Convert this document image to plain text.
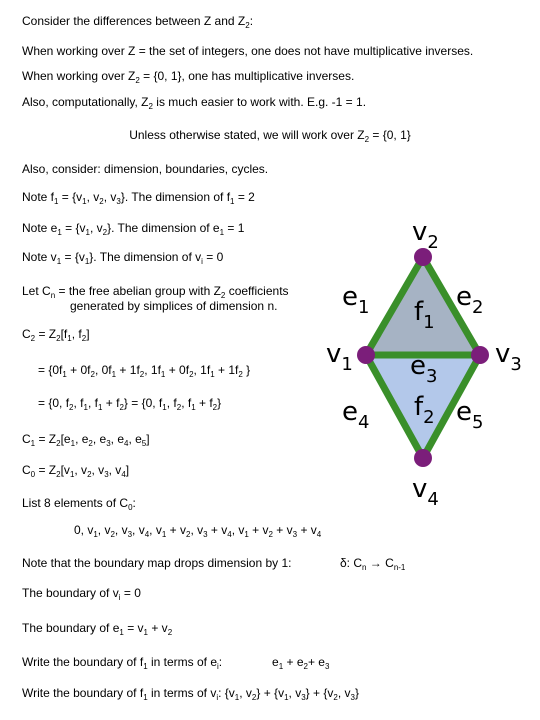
Consider the differences between Z and $Z_2$:
When working over Z = the set of integers, one does not have multiplicative inverses.
When working over $Z_2 = \{0$, 1}, one has multiplicative inverses.
Also, computationally, $Z_2$ is much easier to work with. E.g. -1 = 1.
Unless otherwise stated, we will work over $Z_2 = \{0$, 1}
Also, consider: dimension, boundaries, cycles.
Note $f_1 = \{v_1$, $v_2$, $v_3$}. The dimension of $f_1 = 2$
Note $e_1 = \{v_1$, $v_2$}. The dimension of $e_1 = 1$
Note $v_1 = \{v_1\}$. The dimension of $v_i = 0$
Let $C_n$ = the free abelian group with $Z_2$ coefficients
generated by simplices of dimension n.
$C_2 = Z_2[f_1$, $f_2$]
= {$0f_1 + 0f_2$, $0f_1 + 1f_2$, $1f_1 + 0f_2$, $1f_1 + 1f_2$ }
= {0, $f_2$, $f_1$, $f_1 + f_2\} = \{0$, $f_1$, $f_2$, $f_1 + f_2$}
$C_1 = Z_2[e_1$, $e_2$, $e_3$, $e_4$, $e_5$]
$C_0 = Z_2[v_1$, $v_2$, $v_3$, $v_4$]
List 8 elements of $C_0$:
0, $v_1$, $v_2$, $v_3$, $v_4$, $v_1 + v_2$, $v_3 + v_4$, $v_1 + v_2 + v_3 + v_4$
Note that the boundary map drops dimension by 1:	δ: $C_n \to C_{n-1}$
The boundary of $v_i = 0$
The boundary of $e_1 = v_1 + v_2$
Write the boundary of $f_1$ in terms of $e_i$:	$e_1 + e_2+ e_3$
Write the boundary of $f_1$ in terms of $v_i$: {$v_1$, $v_2\} + \{v_1$, $v_3\} + \{v_2$, $v_3$}
$v_2$
$e_1$ $f_1$
$e_2$
$v_1$ $e_3$
$v_3$
$e_4$
$f_2$ $e_5$
$v_4$
